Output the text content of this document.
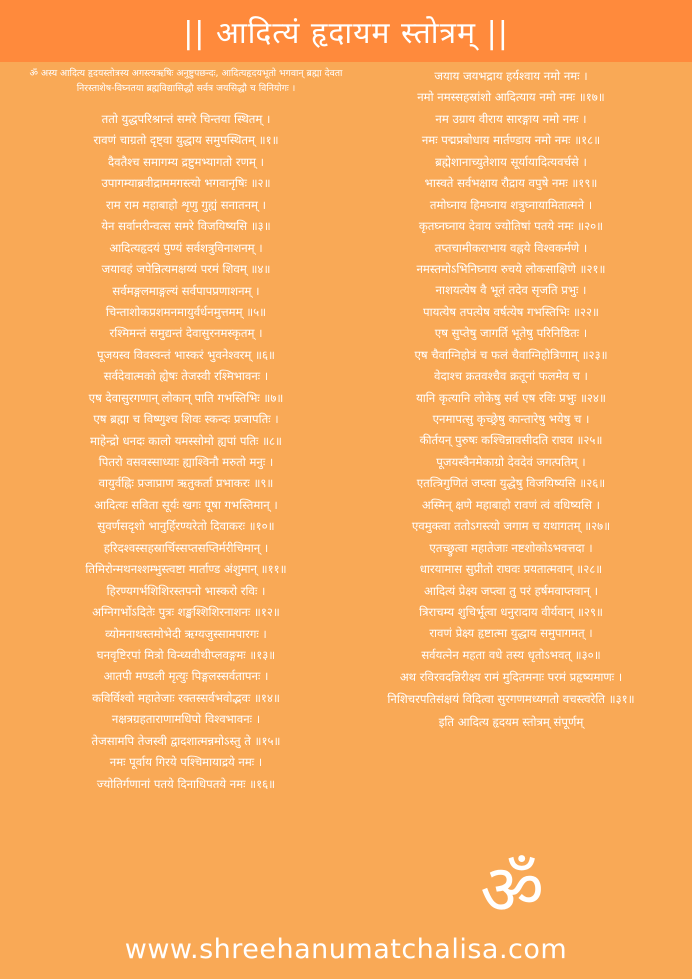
|| आदित्यं हृदायम स्तोत्रम् ||
ॐ अस्य आदित्य हृदयस्तोत्रस्य अगस्त्यऋषिः अनुष्टुपछन्दः, आदित्यहृदयभूतो भगवान् ब्रह्मा देवता निरस्ताशेष-विघ्नतया ब्रह्मविद्यासिद्धौ सर्वत्र जयसिद्धौ च विनियोगः ।
ततो युद्धपरिश्रान्तं समरे चिन्तया स्थितम् ।
रावणं चाग्रतो दृष्ट्वा युद्धाय समुपस्थितम् ॥१॥
दैवतैश्च समागम्य द्रष्टुमभ्यागतो रणम् ।
उपागम्याब्रवीद्राममगस्त्यो भगवानृषिः ॥२॥
राम राम महाबाहो शृणु गुह्यं सनातनम् ।
येन सर्वानरीन्वत्स समरे विजयिष्यसि ॥३॥
आदित्यहृदयं पुण्यं सर्वशत्रुविनाशनम् ।
जयावहं जपेन्नित्यमक्षय्यं परमं शिवम् ॥४॥
सर्वमङ्गलमाङ्गल्यं सर्वपापप्रणाशनम् ।
चिन्ताशोकप्रशमनमायुर्वर्धनमुत्तमम् ॥५॥
रश्मिमन्तं समुद्यन्तं देवासुरनमस्कृतम् ।
पूजयस्व विवस्वन्तं भास्करं भुवनेश्वरम् ॥६॥
सर्वदेवात्मको ह्येषः तेजस्वी रश्मिभावनः ।
एष देवासुरगणान् लोकान् पाति गभस्तिभिः ॥७॥
एष ब्रह्मा च विष्णुश्च शिवः स्कन्दः प्रजापतिः ।
माहेन्द्रो धनदः कालो यमस्सोमो ह्यपां पतिः ॥८॥
पितरो वसवस्साध्याः ह्याश्विनौ मरुतो मनुः ।
वायुर्वह्निः प्रजाप्राण ऋतुकर्ता प्रभाकरः ॥९॥
आदित्यः सविता सूर्यः खगः पूषा गभस्तिमान् ।
सुवर्णसदृशो भानुर्हिरण्यरेतो दिवाकरः ॥१०॥
हरिदश्वस्सहस्रार्चिस्सप्तसप्तिर्मरीचिमान् ।
तिमिरोन्मथनश्शम्भुस्त्वष्टा मार्ताण्ड अंशुमान् ॥११॥
हिरण्यगर्भशिशिरस्तपनो भास्करो रविः ।
अग्निगर्भोऽदितेः पुत्रः शङ्खश्शिशिरनाशनः ॥१२॥
व्योमनाथस्तमोभेदी ऋग्यजुस्सामपारगः ।
घनवृष्टिरपां मित्रो विन्ध्यवीथीप्लवङ्गमः ॥१३॥
आतपी मण्डली मृत्युः पिङ्गलस्सर्वतापनः ।
कविर्विश्वो महातेजाः रक्तस्सर्वभवोद्भवः ॥१४॥
नक्षत्रग्रहताराणामधिपो विश्वभावनः ।
तेजसामपि तेजस्वी द्वादशात्मन्नमोऽस्तु ते ॥१५॥
नमः पूर्वाय गिरये पश्चिमायाद्रये नमः ।
ज्योतिर्गणानां पतये दिनाधिपतये नमः ॥१६॥
जयाय जयभद्राय हर्यश्वाय नमो नमः ।
नमो नमस्सहस्रांशो आदित्याय नमो नमः ॥१७॥
नम उग्राय वीराय सारङ्गाय नमो नमः ।
नमः पद्मप्रबोधाय मार्तण्डाय नमो नमः ॥१८॥
ब्रह्मेशानाच्युतेशाय सूर्यायादित्यवर्चसे ।
भास्वते सर्वभक्षाय रौद्राय वपुषे नमः ॥१९॥
तमोघ्नाय हिमघ्नाय शत्रुघ्नायामितात्मने ।
कृतघ्नघ्नाय देवाय ज्योतिषां पतये नमः ॥२०॥
तप्तचामीकराभाय वह्नये विश्वकर्मणे ।
नमस्तमोऽभिनिघ्नाय रुचये लोकसाक्षिणे ॥२१॥
नाशयत्येष वै भूतं तदेव सृजति प्रभुः ।
पायत्येष तपत्येष वर्षत्येष गभस्तिभिः ॥२२॥
एष सुप्तेषु जागर्ति भूतेषु परिनिष्ठितः ।
एष चैवाग्निहोत्रं च फलं चैवाग्निहोत्रिणाम् ॥२३॥
वेदाश्च क्रतवश्चैव क्रतूनां फलमेव च ।
यानि कृत्यानि लोकेषु सर्व एष रविः प्रभुः ॥२४॥
एनमापत्सु कृच्छ्रेषु कान्तारेषु भयेषु च ।
कीर्तयन् पुरुषः कश्चिन्नावसीदति राघव ॥२५॥
पूजयस्वैनमेकाग्रो देवदेवं जगत्पतिम् ।
एतत्त्रिगुणितं जप्त्वा युद्धेषु विजयिष्यसि ॥२६॥
अस्मिन् क्षणे महाबाहो रावणं त्वं वधिष्यसि ।
एवमुक्त्वा ततोऽगस्त्यो जगाम च यथागतम् ॥२७॥
एतच्छ्रुत्वा महातेजाः नष्टशोकोऽभवत्तदा ।
धारयामास सुप्रीतो राघवः प्रयतात्मवान् ॥२८॥
आदित्यं प्रेक्ष्य जप्त्वा तु परं हर्षमवाप्तवान् ।
त्रिराचम्य शुचिर्भूत्वा धनुरादाय वीर्यवान् ॥२९॥
रावणं प्रेक्ष्य हृष्टात्मा युद्धाय समुपागमत् ।
सर्वयत्नेन महता वधे तस्य धृतोऽभवत् ॥३०॥
अथ रविरवदन्निरीक्ष्य रामं मुदितमनाः परमं प्रहृष्यमाणः ।
निशिचरपतिसंक्षयं विदित्वा सुरगणमध्यगतो वचस्त्वरेति ॥३१॥
इति आदित्य हृदयम स्तोत्रम् संपूर्णम्
ॐ
www.shreehanumatchalisa.com
